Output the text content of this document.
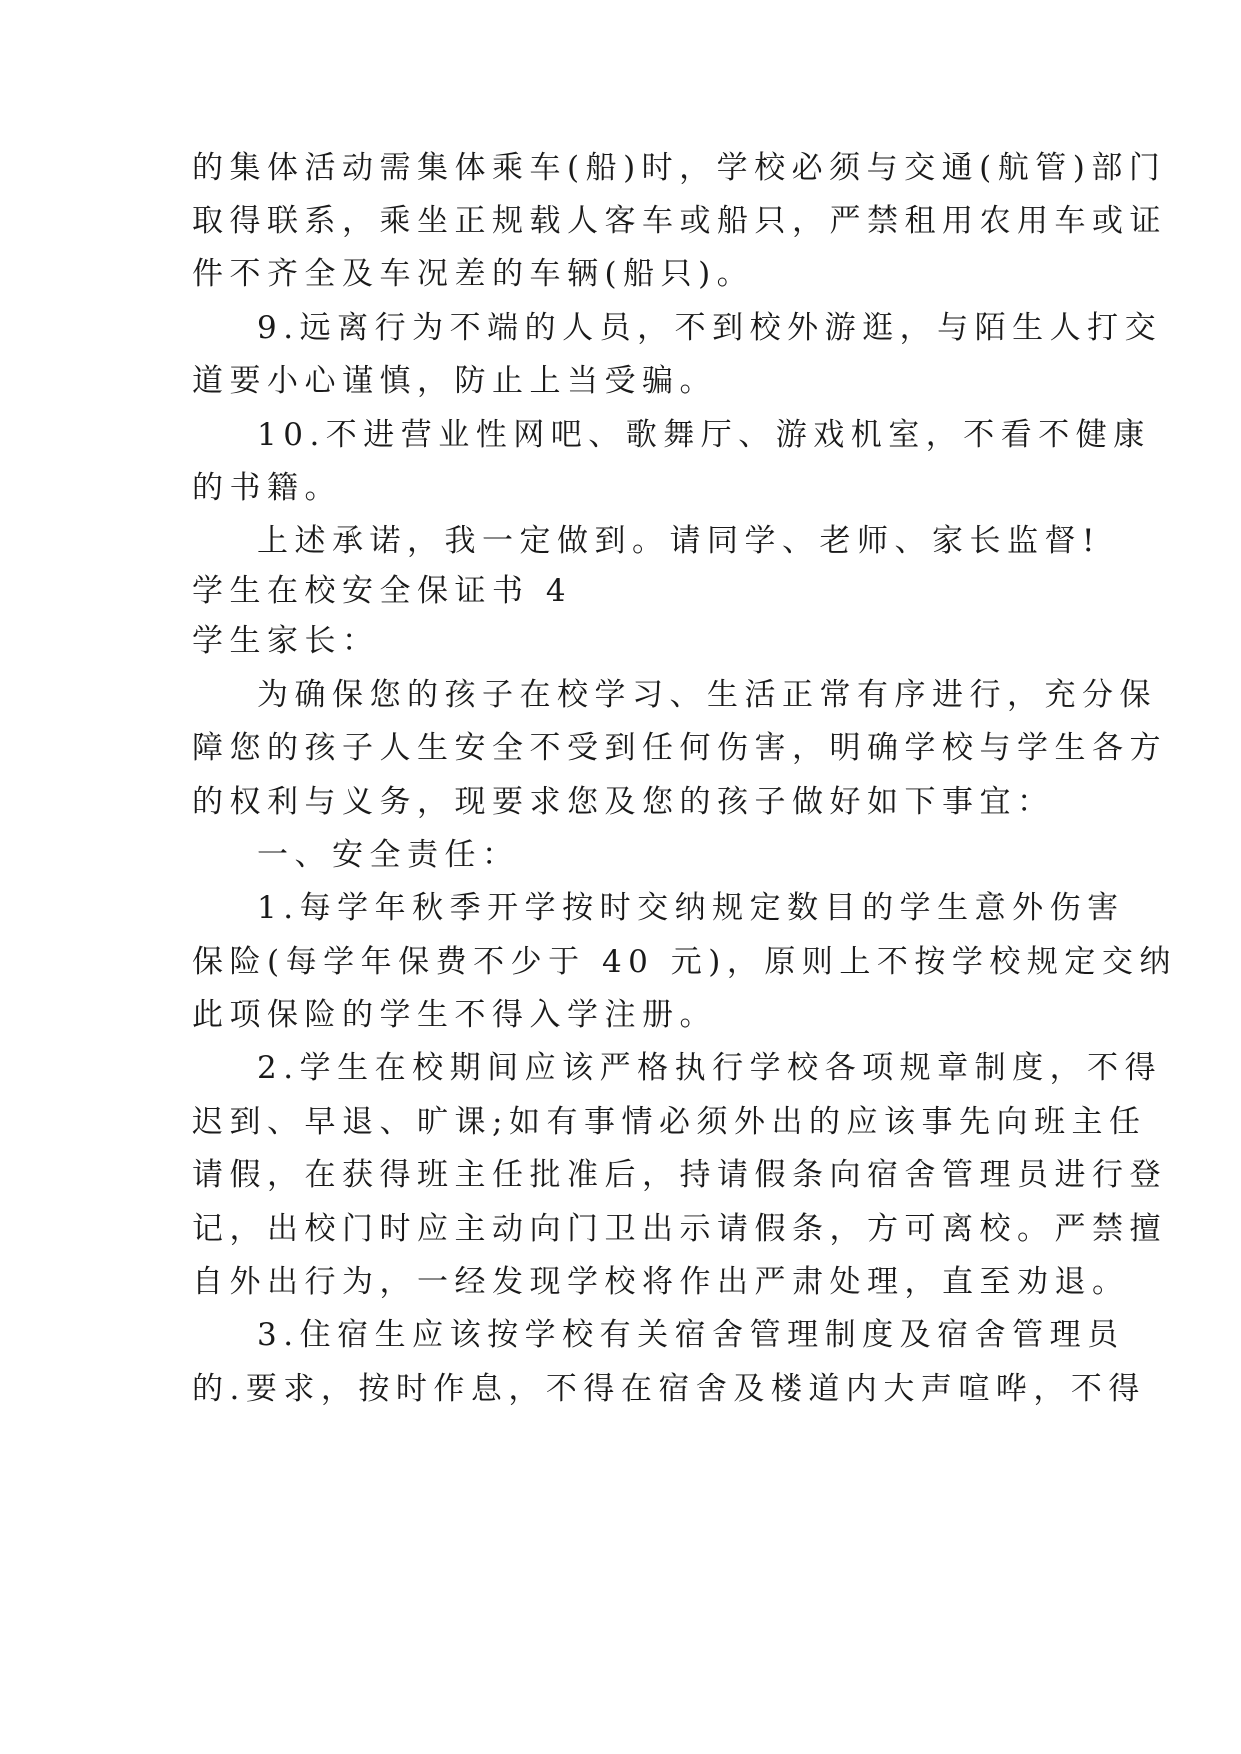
的集体活动需集体乘车(船)时，学校必须与交通(航管)部门
取得联系，乘坐正规载人客车或船只，严禁租用农用车或证
件不齐全及车况差的车辆(船只)。
9.远离行为不端的人员，不到校外游逛，与陌生人打交
道要小心谨慎，防止上当受骗。
10.不进营业性网吧、歌舞厅、游戏机室，不看不健康
的书籍。
上述承诺，我一定做到。请同学、老师、家长监督!
学生在校安全保证书 4
学生家长：
为确保您的孩子在校学习、生活正常有序进行，充分保
障您的孩子人生安全不受到任何伤害，明确学校与学生各方
的权利与义务，现要求您及您的孩子做好如下事宜：
一、安全责任：
1.每学年秋季开学按时交纳规定数目的学生意外伤害
保险(每学年保费不少于 40 元)，原则上不按学校规定交纳
此项保险的学生不得入学注册。
2.学生在校期间应该严格执行学校各项规章制度，不得
迟到、早退、旷课;如有事情必须外出的应该事先向班主任
请假，在获得班主任批准后，持请假条向宿舍管理员进行登
记，出校门时应主动向门卫出示请假条，方可离校。严禁擅
自外出行为，一经发现学校将作出严肃处理，直至劝退。
3.住宿生应该按学校有关宿舍管理制度及宿舍管理员
的.要求，按时作息，不得在宿舍及楼道内大声喧哗，不得
